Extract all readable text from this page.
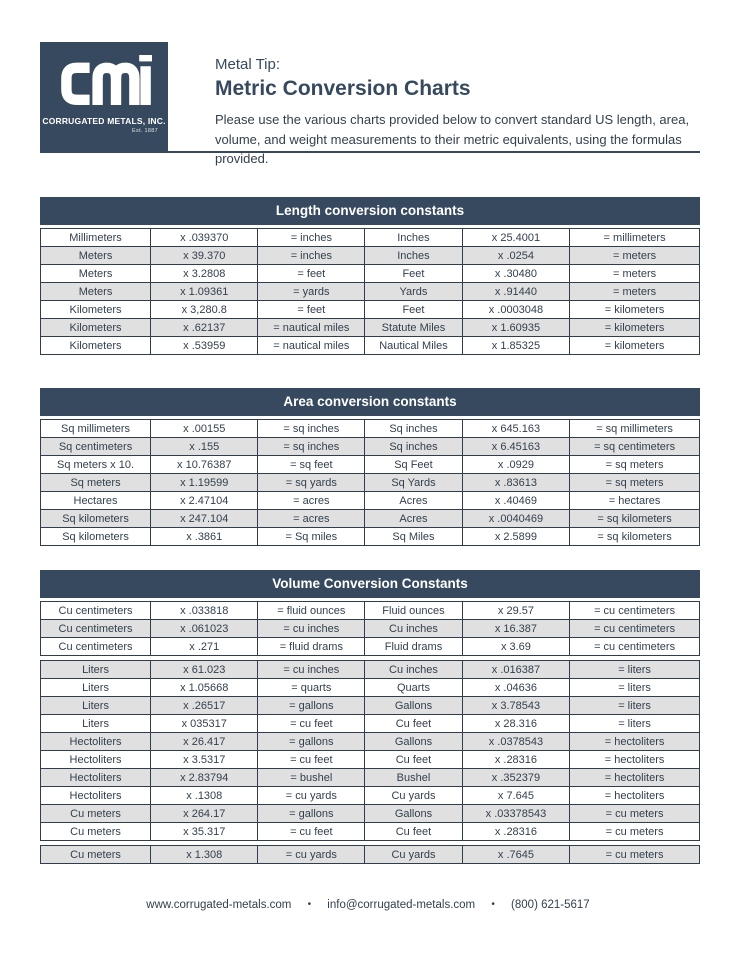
CORRUGATED METALS, INC.
Est. 1887
Metal Tip:
Metric Conversion Charts
Please use the various charts provided below to convert standard US length, area, volume, and weight measurements to their metric equivalents, using the formulas provided.
Length conversion constants
Millimeters	x .039370	= inches	Inches	x 25.4001	= millimeters
Meters	x 39.370	= inches	Inches	x .0254	= meters
Meters	x 3.2808	= feet	Feet	x .30480	= meters
Meters	x 1.09361	= yards	Yards	x .91440	= meters
Kilometers	x 3,280.8	= feet	Feet	x .0003048	= kilometers
Kilometers	x .62137	= nautical miles	Statute Miles	x 1.60935	= kilometers
Kilometers	x .53959	= nautical miles	Nautical Miles	x 1.85325	= kilometers
Area conversion constants
Sq millimeters	x .00155	= sq inches	Sq inches	x 645.163	= sq millimeters
Sq centimeters	x .155	= sq inches	Sq inches	x 6.45163	= sq centimeters
Sq meters x 10.	x 10.76387	= sq feet	Sq Feet	x .0929	= sq meters
Sq meters	x 1.19599	= sq yards	Sq Yards	x .83613	= sq meters
Hectares	x 2.47104	= acres	Acres	x .40469	= hectares
Sq kilometers	x 247.104	= acres	Acres	x .0040469	= sq kilometers
Sq kilometers	x .3861	= Sq miles	Sq Miles	x 2.5899	= sq kilometers
Volume Conversion Constants
Cu centimeters	x .033818	= fluid ounces	Fluid ounces	x 29.57	= cu centimeters
Cu centimeters	x .061023	= cu inches	Cu inches	x 16.387	= cu centimeters
Cu centimeters	x .271	= fluid drams	Fluid drams	x 3.69	= cu centimeters
Liters	x 61.023	= cu inches	Cu inches	x .016387	= liters
Liters	x 1.05668	= quarts	Quarts	x .04636	= liters
Liters	x .26517	= gallons	Gallons	x 3.78543	= liters
Liters	x 035317	= cu feet	Cu feet	x 28.316	= liters
Hectoliters	x 26.417	= gallons	Gallons	x .0378543	= hectoliters
Hectoliters	x 3.5317	= cu feet	Cu feet	x .28316	= hectoliters
Hectoliters	x 2.83794	= bushel	Bushel	x .352379	= hectoliters
Hectoliters	x .1308	= cu yards	Cu yards	x 7.645	= hectoliters
Cu meters	x 264.17	= gallons	Gallons	x .03378543	= cu meters
Cu meters	x 35.317	= cu feet	Cu feet	x .28316	= cu meters
Cu meters	x 1.308	= cu yards	Cu yards	x .7645	= cu meters
www.corrugated-metals.com • info@corrugated-metals.com • (800) 621-5617
